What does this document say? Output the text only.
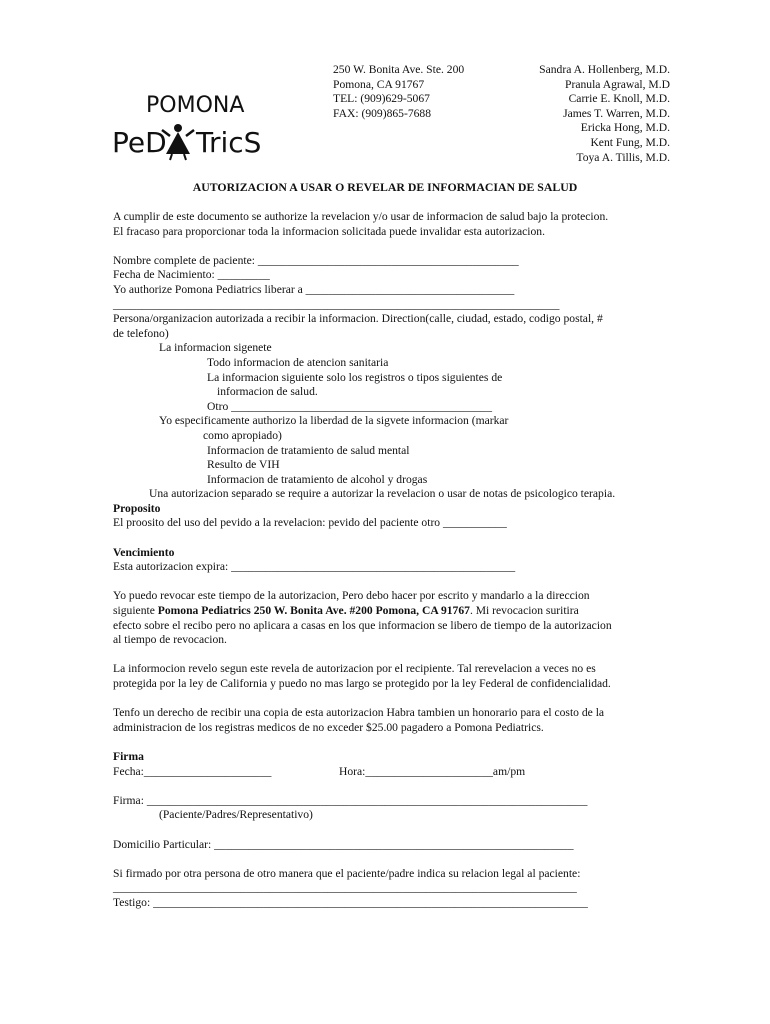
POMONA
PeD TricS
250 W. Bonita Ave. Ste. 200
Pomona, CA 91767
TEL: (909)629-5067
FAX: (909)865-7688
Sandra A. Hollenberg, M.D.
Pranula Agrawal, M.D
Carrie E. Knoll, M.D.
James T. Warren, M.D.
Ericka Hong, M.D.
Kent Fung, M.D.
Toya A. Tillis, M.D.
AUTORIZACION A USAR O REVELAR DE INFORMACIAN DE SALUD
A cumplir de este documento se authorize la revelacion y/o usar de informacion de salud bajo la protecion.
El fracaso para proporcionar toda la informacion solicitada puede invalidar esta autorizacion.
Nombre complete de paciente: _____________________________________________
Fecha de Nacimiento: _________
Yo authorize Pomona Pediatrics liberar a ____________________________________
_____________________________________________________________________________
Persona/organizacion autorizada a recibir la informacion. Direction(calle, ciudad, estado, codigo postal, #
de telefono)
La informacion sigenete
Todo informacion de atencion sanitaria
La informacion siguiente solo los registros o tipos siguientes de
informacion de salud.
Otro _____________________________________________
Yo especificamente authorizo la liberdad de la sigvete informacion (markar
como apropiado)
Informacion de tratamiento de salud mental
Resulto de VIH
Informacion de tratamiento de alcohol y drogas
Una autorizacion separado se require a autorizar la revelacion o usar de notas de psicologico terapia.
Proposito
El proosito del uso del pevido a la revelacion: pevido del paciente otro ___________
Vencimiento
Esta autorizacion expira: _________________________________________________
Yo puedo revocar este tiempo de la autorizacion, Pero debo hacer por escrito y mandarlo a la direccion
siguiente Pomona Pediatrics 250 W. Bonita Ave. #200 Pomona, CA 91767. Mi revocacion suritira
efecto sobre el recibo pero no aplicara a casas en los que informacion se libero de tiempo de la autorizacion
al tiempo de revocacion.
La informocion revelo segun este revela de autorizacion por el recipiente. Tal rerevelacion a veces no es
protegida por la ley de California y puedo no mas largo se protegido por la ley Federal de confidencialidad.
Tenfo un derecho de recibir una copia de esta autorizacion Habra tambien un honorario para el costo de la
administracion de los registras medicos de no exceder $25.00 pagadero a Pomona Pediatrics.
Firma
Fecha:______________________	Hora:______________________am/pm
Firma: ____________________________________________________________________________
(Paciente/Padres/Representativo)
Domicilio Particular: ______________________________________________________________
Si firmado por otra persona de otro manera que el paciente/padre indica su relacion legal al paciente:
________________________________________________________________________________
Testigo: ___________________________________________________________________________
